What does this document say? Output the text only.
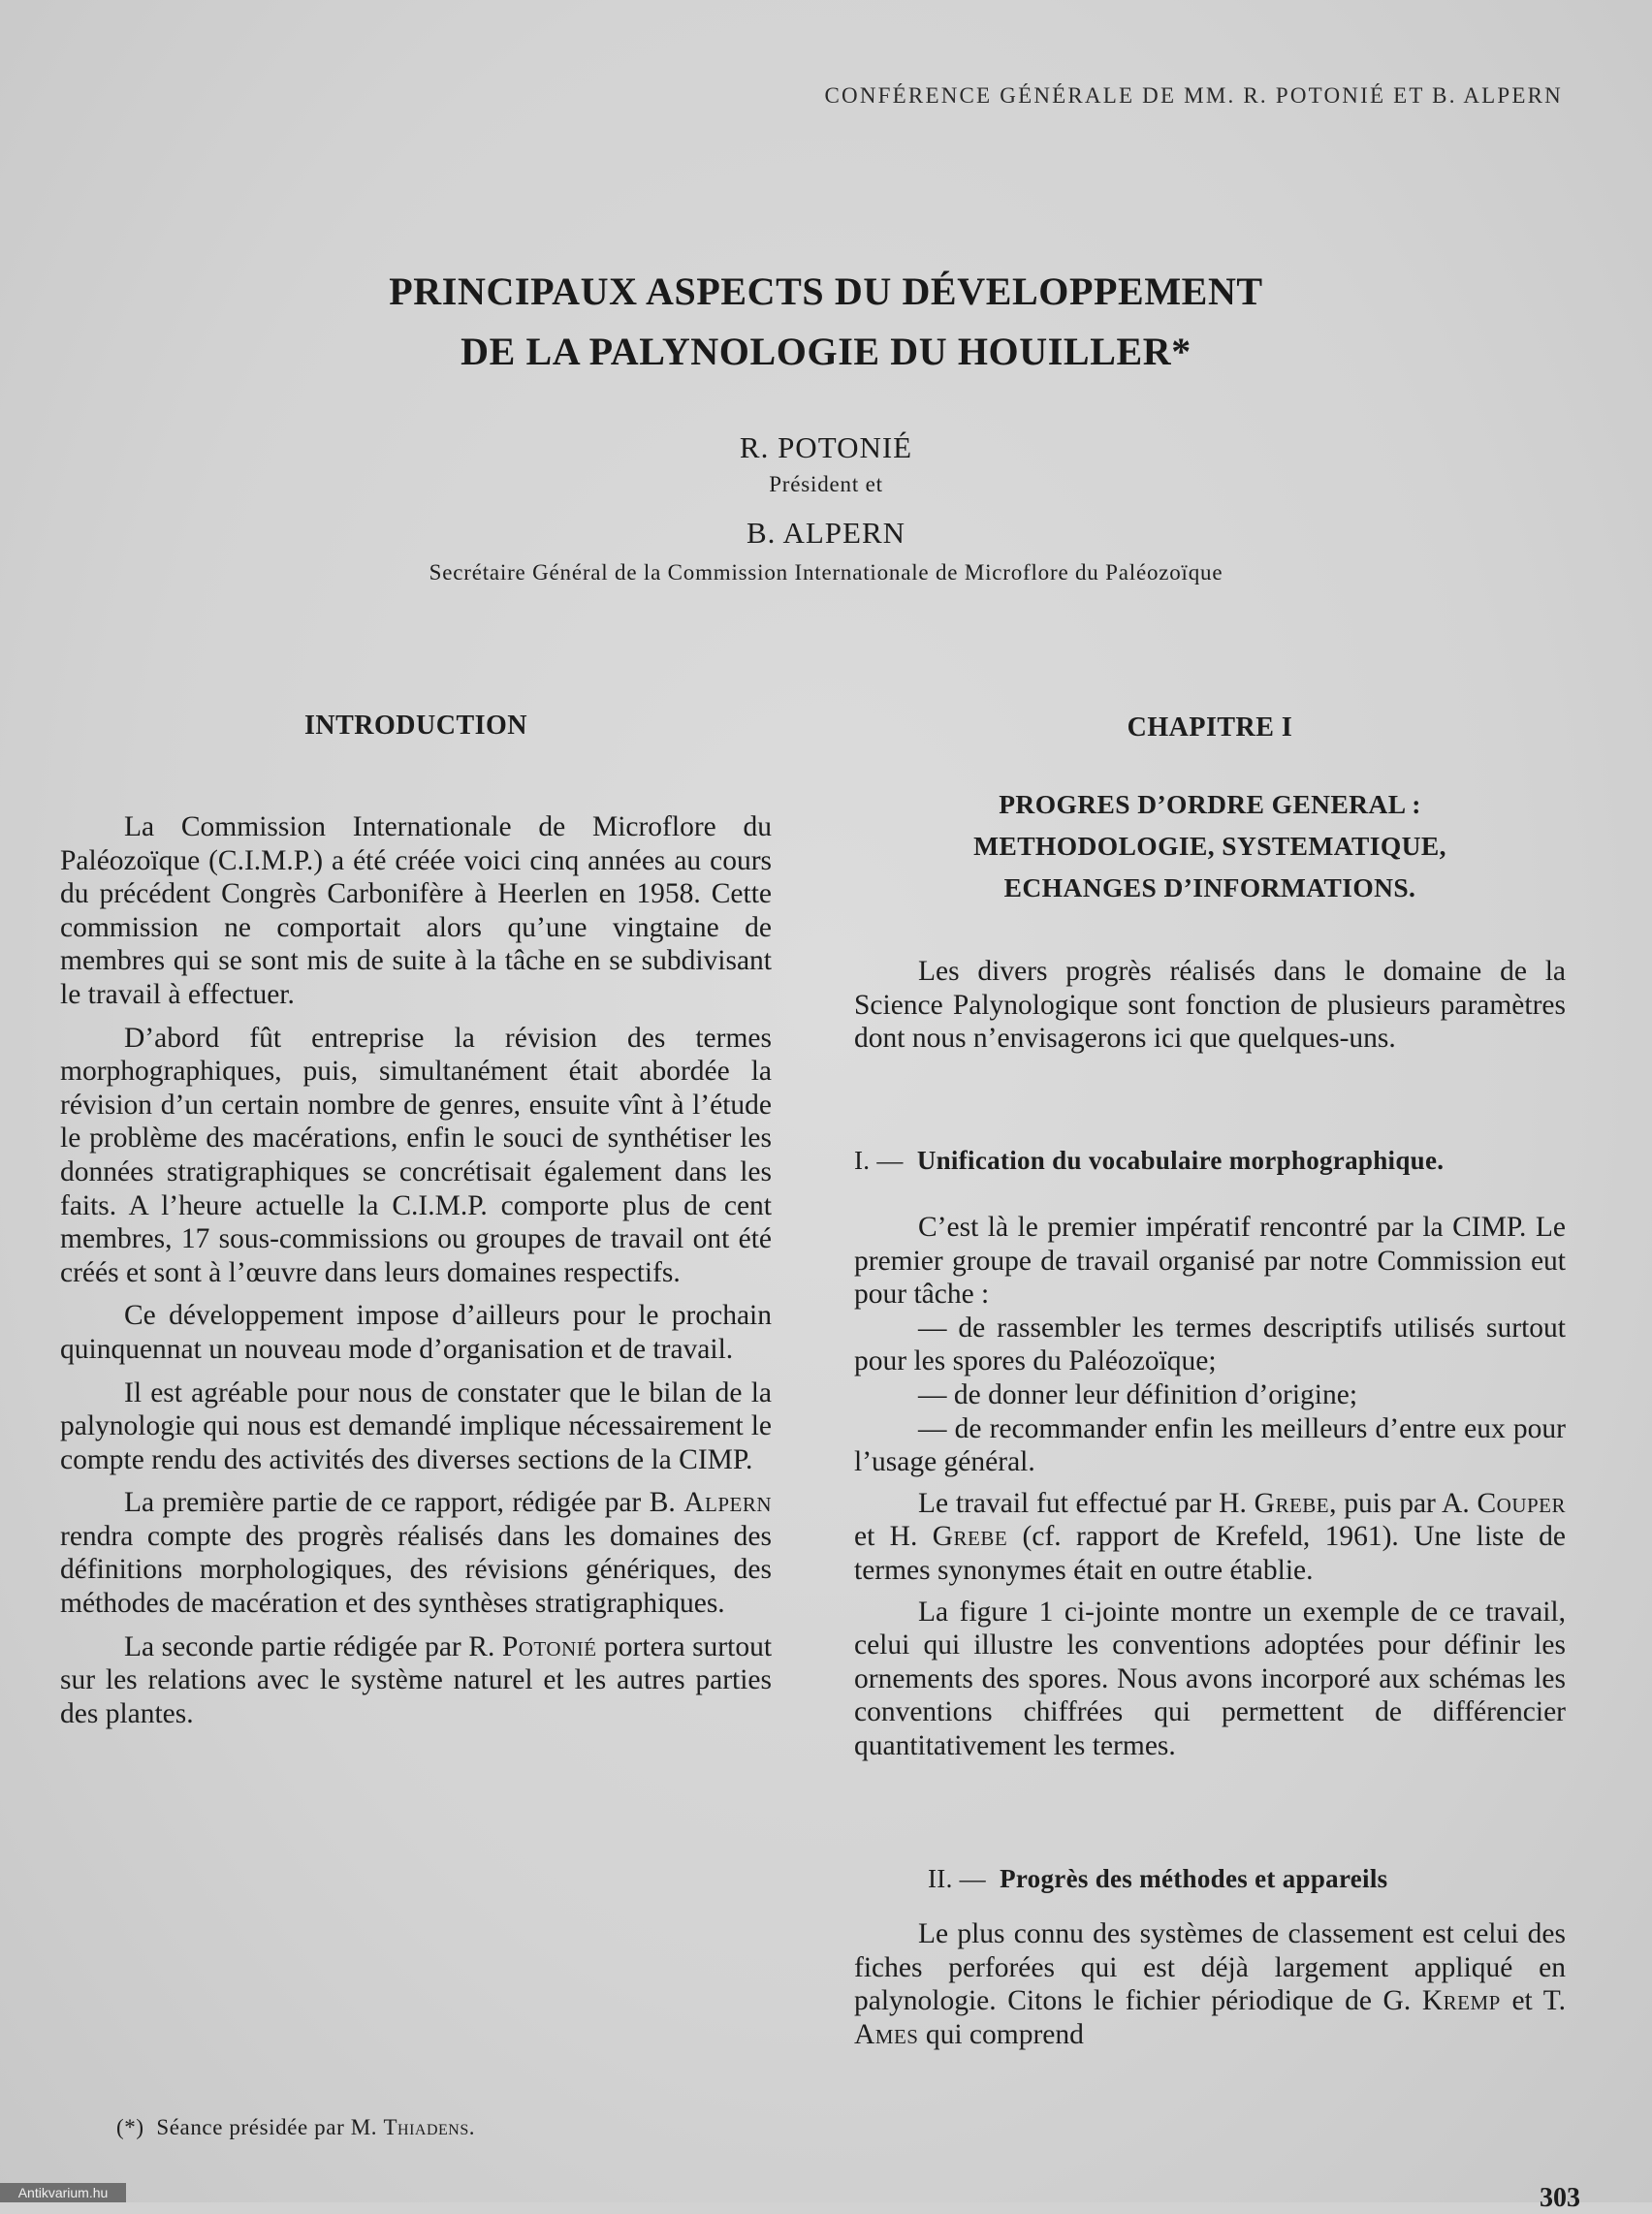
CONFÉRENCE GÉNÉRALE DE MM. R. POTONIÉ ET B. ALPERN
PRINCIPAUX ASPECTS DU DÉVELOPPEMENT
DE LA PALYNOLOGIE DU HOUILLER*
R. POTONIÉ
Président et
B. ALPERN
Secrétaire Général de la Commission Internationale de Microflore du Paléozoïque
INTRODUCTION

La Commission Internationale de Microflore du Paléozoïque (C.I.M.P.) a été créée voici cinq années au cours du précédent Congrès Carbonifère à Heerlen en 1958. Cette commission ne comportait alors qu’une vingtaine de membres qui se sont mis de suite à la tâche en se subdivisant le travail à effectuer.

D’abord fût entreprise la révision des termes morphographiques, puis, simultanément était abordée la révision d’un certain nombre de genres, ensuite vînt à l’étude le problème des macérations, enfin le souci de synthétiser les données stratigraphiques se concrétisait également dans les faits. A l’heure actuelle la C.I.M.P. comporte plus de cent membres, 17 sous-commissions ou groupes de travail ont été créés et sont à l’œuvre dans leurs domaines respectifs.

Ce développement impose d’ailleurs pour le prochain quinquennat un nouveau mode d’organisation et de travail.

Il est agréable pour nous de constater que le bilan de la palynologie qui nous est demandé implique nécessairement le compte rendu des activités des diverses sections de la CIMP.

La première partie de ce rapport, rédigée par B. Alpern rendra compte des progrès réalisés dans les domaines des définitions morphologiques, des révisions génériques, des méthodes de macération et des synthèses stratigraphiques.

La seconde partie rédigée par R. Potonié portera surtout sur les relations avec le système naturel et les autres parties des plantes.

CHAPITRE I
PROGRES D’ORDRE GENERAL :
METHODOLOGIE, SYSTEMATIQUE,
ECHANGES D’INFORMATIONS.

Les divers progrès réalisés dans le domaine de la Science Palynologique sont fonction de plusieurs paramètres dont nous n’envisagerons ici que quelques-uns.

I. — Unification du vocabulaire morphographique.

C’est là le premier impératif rencontré par la CIMP. Le premier groupe de travail organisé par notre Commission eut pour tâche :

— de rassembler les termes descriptifs utilisés surtout pour les spores du Paléozoïque;

— de donner leur définition d’origine;

— de recommander enfin les meilleurs d’entre eux pour l’usage général.

Le travail fut effectué par H. Grebe, puis par A. Couper et H. Grebe (cf. rapport de Krefeld, 1961). Une liste de termes synonymes était en outre établie.

La figure 1 ci-jointe montre un exemple de ce travail, celui qui illustre les conventions adoptées pour définir les ornements des spores. Nous avons incorporé aux schémas les conventions chiffrées qui permettent de différencier quantitativement les termes.

II. — Progrès des méthodes et appareils

Le plus connu des systèmes de classement est celui des fiches perforées qui est déjà largement appliqué en palynologie. Citons le fichier périodique de G. Kremp et T. Ames qui comprend

(*) Séance présidée par M. Thiadens.
303
Antikvarium.hu
